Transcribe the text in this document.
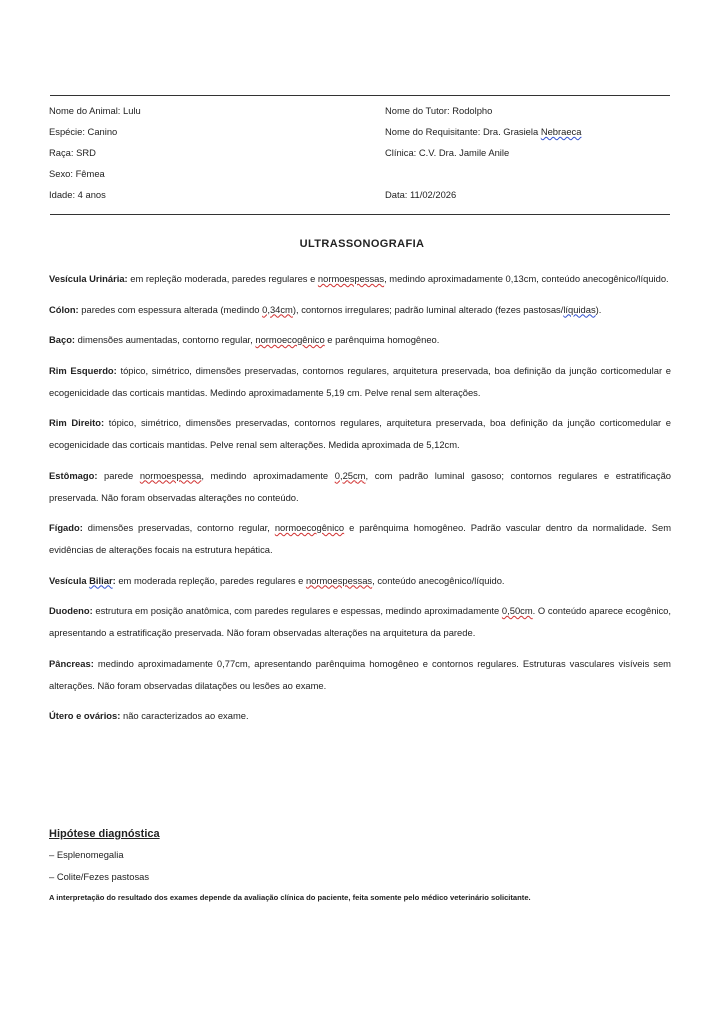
Nome do Animal: Lulu
Espécie: Canino
Raça: SRD
Sexo: Fêmea
Idade: 4 anos
Nome do Tutor: Rodolpho
Nome do Requisitante: Dra. Grasiela Nebraeca
Clínica: C.V. Dra. Jamile Anile
Data: 11/02/2026
ULTRASSONOGRAFIA

Vesícula Urinária: em repleção moderada, paredes regulares e normoespessas, medindo aproximadamente 0,13cm, conteúdo anecogênico/líquido.

Cólon: paredes com espessura alterada (medindo 0,34cm), contornos irregulares; padrão luminal alterado (fezes pastosas/líquidas).

Baço: dimensões aumentadas, contorno regular, normoecogênico e parênquima homogêneo.

Rim Esquerdo: tópico, simétrico, dimensões preservadas, contornos regulares, arquitetura preservada, boa definição da junção corticomedular e ecogenicidade das corticais mantidas. Medindo aproximadamente 5,19 cm. Pelve renal sem alterações.

Rim Direito: tópico, simétrico, dimensões preservadas, contornos regulares, arquitetura preservada, boa definição da junção corticomedular e ecogenicidade das corticais mantidas. Pelve renal sem alterações. Medida aproximada de 5,12cm.

Estômago: parede normoespessa, medindo aproximadamente 0,25cm, com padrão luminal gasoso; contornos regulares e estratificação preservada. Não foram observadas alterações no conteúdo.

Fígado: dimensões preservadas, contorno regular, normoecogênico e parênquima homogêneo. Padrão vascular dentro da normalidade. Sem evidências de alterações focais na estrutura hepática.

Vesícula Biliar: em moderada repleção, paredes regulares e normoespessas, conteúdo anecogênico/líquido.

Duodeno: estrutura em posição anatômica, com paredes regulares e espessas, medindo aproximadamente 0,50cm. O conteúdo aparece ecogênico, apresentando a estratificação preservada. Não foram observadas alterações na arquitetura da parede.

Pâncreas: medindo aproximadamente 0,77cm, apresentando parênquima homogêneo e contornos regulares. Estruturas vasculares visíveis sem alterações. Não foram observadas dilatações ou lesões ao exame.

Útero e ovários: não caracterizados ao exame.

Hipótese diagnóstica
– Esplenomegalia
– Colite/Fezes pastosas
A interpretação do resultado dos exames depende da avaliação clínica do paciente, feita somente pelo médico veterinário solicitante.
